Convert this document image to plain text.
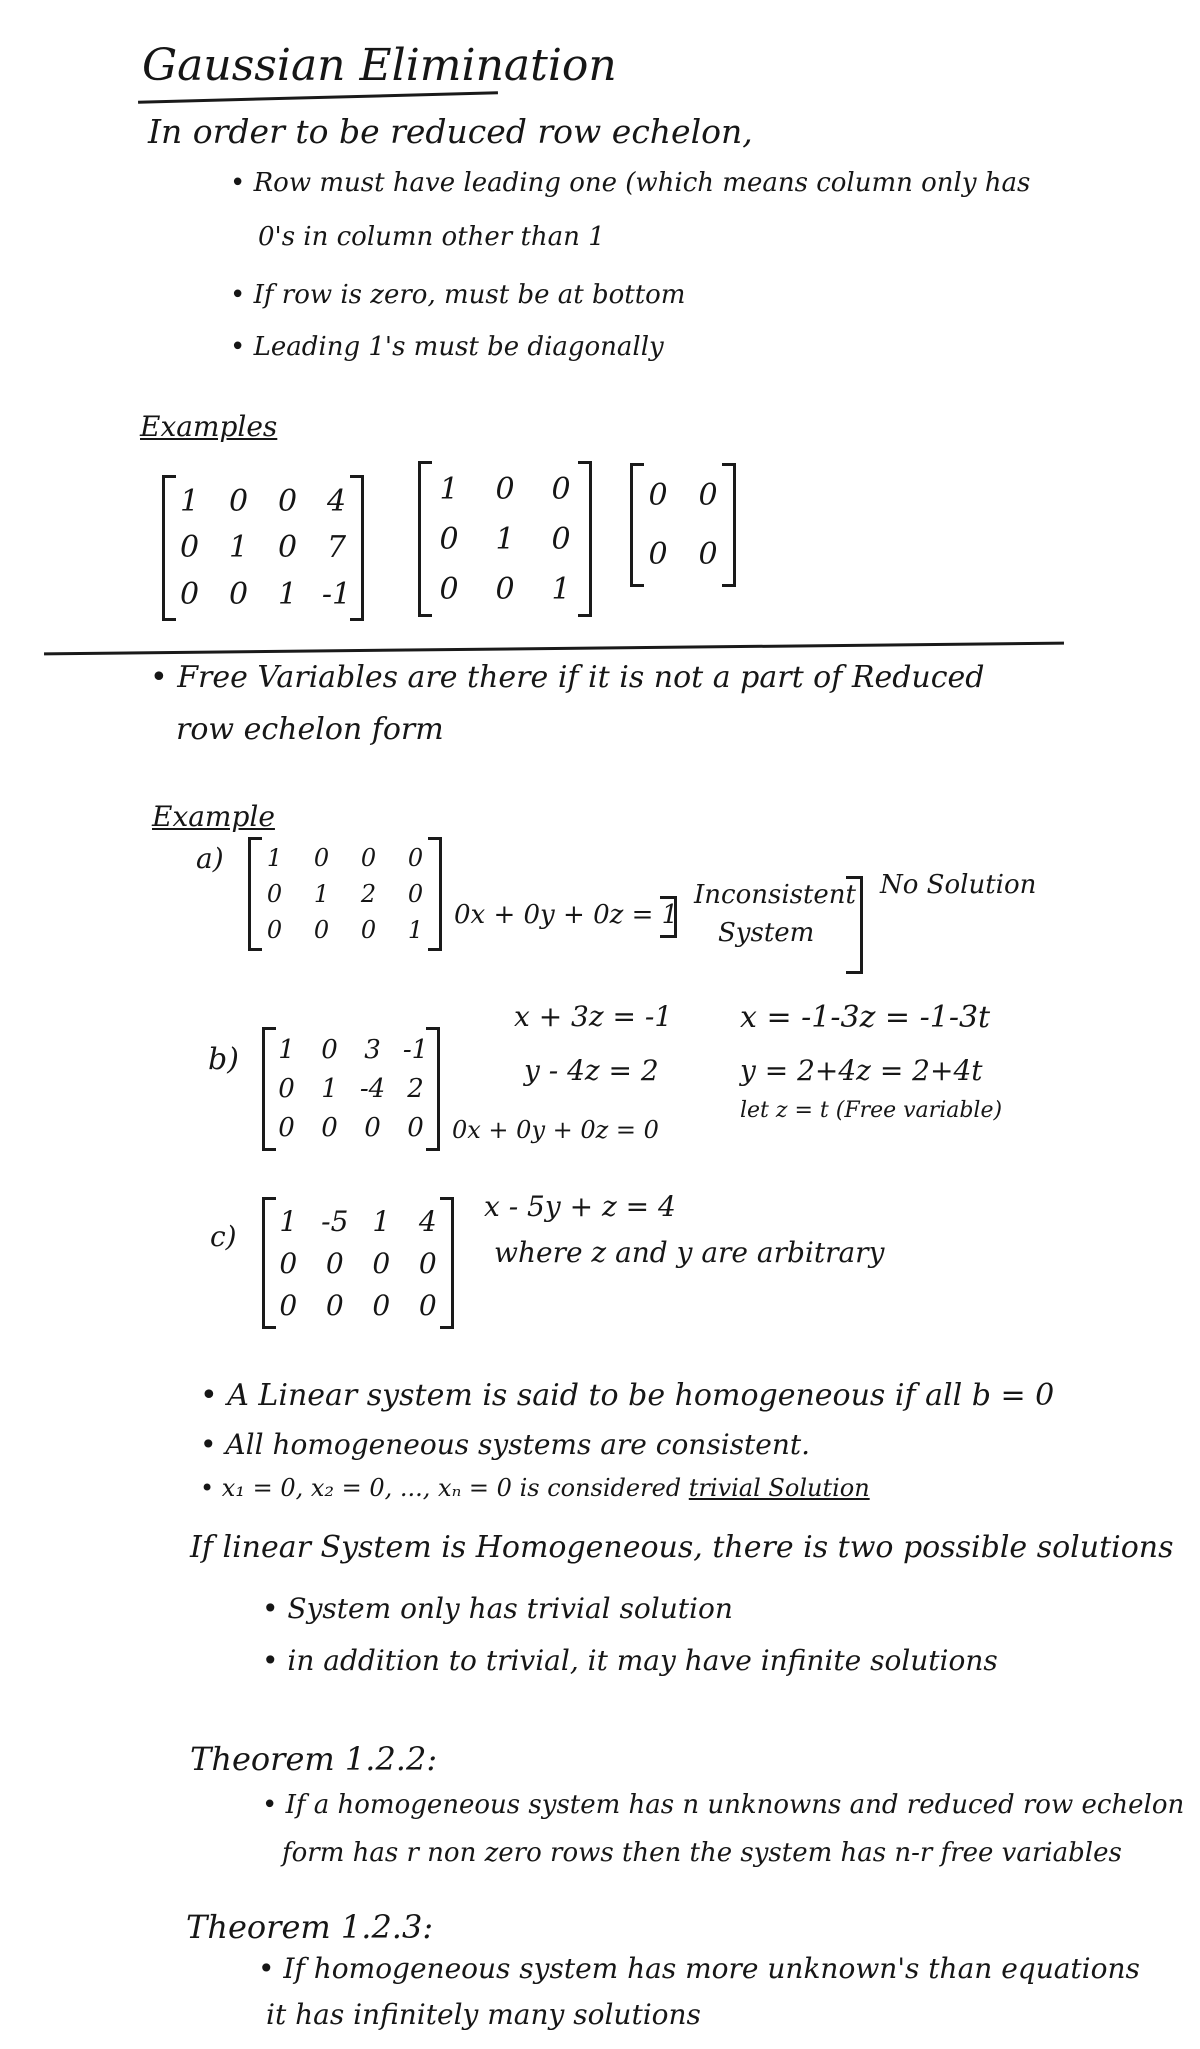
Gaussian Elimination
In order to be reduced row echelon,
• Row must have leading one (which means column only has
0's in column other than 1
• If row is zero, must be at bottom
• Leading 1's must be diagonally
Examples
1 0 0 4
0 1 0 7
0 0 1 -1
1 0 0
0 1 0
0 0 1
0 0
0 0
• Free Variables are there if it is not a part of Reduced
row echelon form
Example
a) 1 0 0 0
0 1 2 0
0 0 0 1 0x + 0y + 0z = 1
Inconsistent
System
No Solution
b) 1 0 3 -1
0 1 -4 2
0 0 0 0
x + 3z = -1
y - 4z = 2
0x + 0y + 0z = 0
x = -1-3z = -1-3t
y = 2+4z = 2+4t
let z = t (Free variable)
c) 1 -5 1 4
0 0 0 0
0 0 0 0
x - 5y + z = 4
where z and y are arbitrary
• A Linear system is said to be homogeneous if all b = 0
• All homogeneous systems are consistent.
• x₁ = 0, x₂ = 0, ..., xₙ = 0 is considered trivial Solution
If linear System is Homogeneous, there is two possible solutions
• System only has trivial solution
• in addition to trivial, it may have infinite solutions
Theorem 1.2.2:
• If a homogeneous system has n unknowns and reduced row echelon
form has r non zero rows then the system has n-r free variables
Theorem 1.2.3:
• If homogeneous system has more unknown's than equations
it has infinitely many solutions
